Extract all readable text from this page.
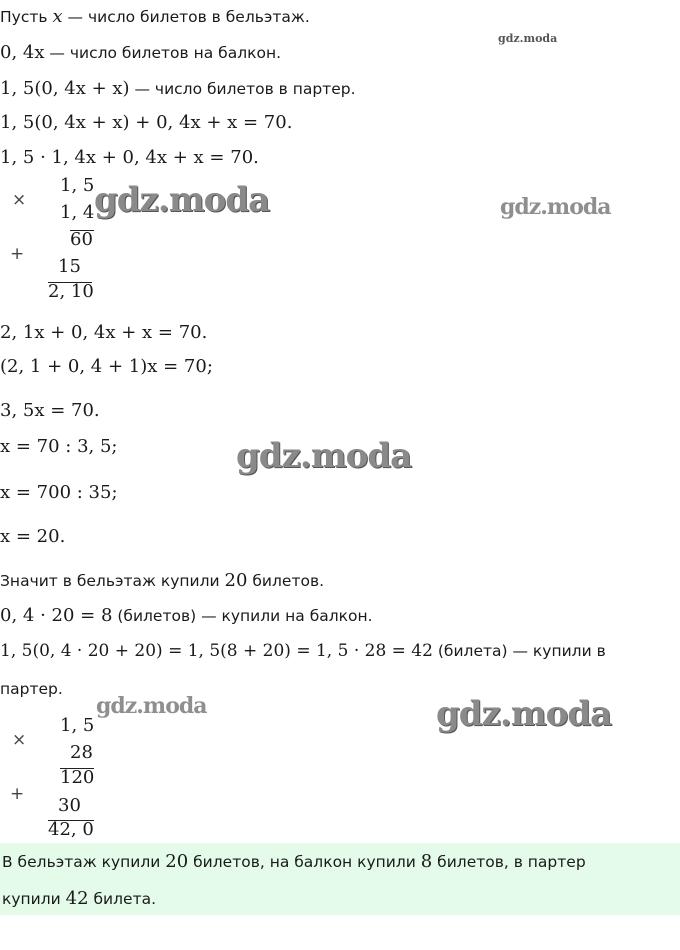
gdz.moda
gdz.moda	gdz.moda
gdz.moda
gdz.moda	gdz.moda
Пусть x — число билетов в бельэтаж.
0, 4x — число билетов на балкон.
1, 5(0, 4x + x) — число билетов в партер.
1, 5(0, 4x + x) + 0, 4x + x = 70.
1, 5 · 1, 4x + 0, 4x + x = 70.
×
1, 5
1, 4
60
+
15
2, 10
2, 1x + 0, 4x + x = 70.
(2, 1 + 0, 4 + 1)x = 70;
3, 5x = 70.
x = 70 : 3, 5;
x = 700 : 35;
x = 20.
Значит в бельэтаж купили 20 билетов.
0, 4 · 20 = 8 (билетов) — купили на балкон.
1, 5(0, 4 · 20 + 20) = 1, 5(8 + 20) = 1, 5 · 28 = 42 (билета) — купили в
партер.
×
1, 5
28
120
+
30
42, 0
В бельэтаж купили 20 билетов, на балкон купили 8 билетов, в партер
купили 42 билета.
